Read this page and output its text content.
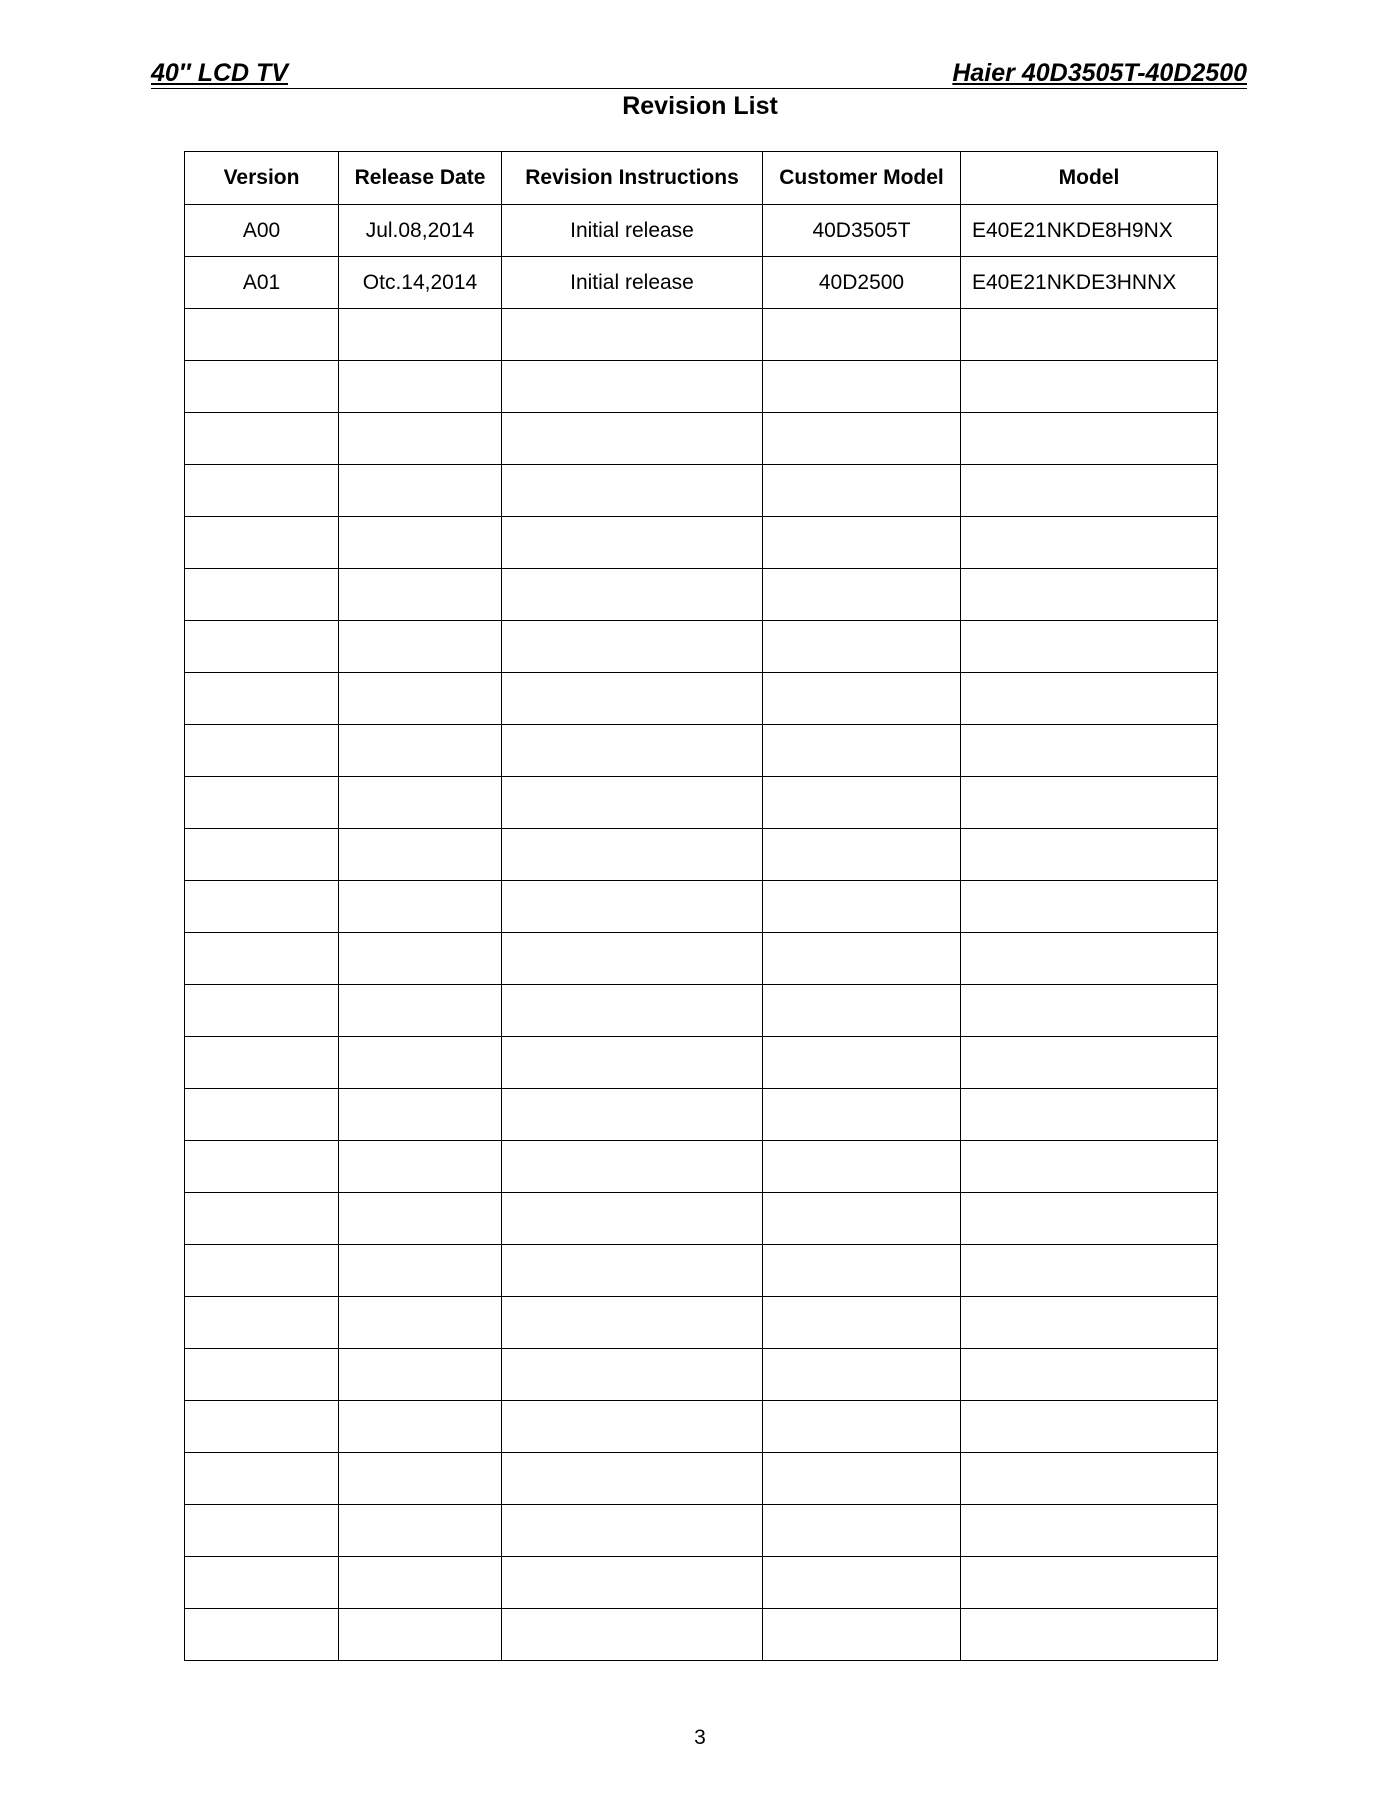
40″ LCD TV	Haier 40D3505T-40D2500
Revision List
Version	Release Date	Revision Instructions	Customer Model	Model
A00	Jul.08,2014	Initial release	40D3505T	E40E21NKDE8H9NX
A01	Otc.14,2014	Initial release	40D2500	E40E21NKDE3HNNX

3
